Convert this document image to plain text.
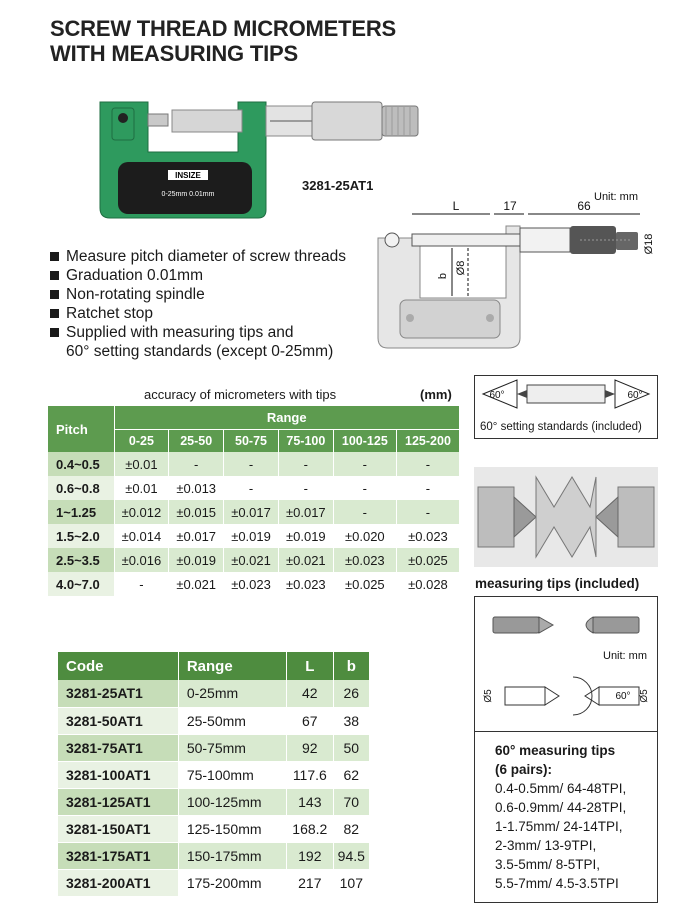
SCREW THREAD MICROMETERS
WITH MEASURING TIPS
INSIZE
0-25mm 0.01mm
3281-25AT1
Unit: mm
L	17	66
Ø18
b
Ø8
Measure pitch diameter of screw threads
Graduation 0.01mm
Non-rotating spindle
Ratchet stop
Supplied with measuring tips and
60° setting standards (except 0-25mm)
accuracy of micrometers with tips	(mm)
Pitch	Range					
	0-25	25-50	50-75	75-100	100-125	125-200
0.4~0.5	±0.01	-	-	-	-	-
0.6~0.8	±0.01	±0.013	-	-	-	-
1~1.25	±0.012	±0.015	±0.017	±0.017	-	-
1.5~2.0	±0.014	±0.017	±0.019	±0.019	±0.020	±0.023
2.5~3.5	±0.016	±0.019	±0.021	±0.021	±0.023	±0.025
4.0~7.0	-	±0.021	±0.023	±0.023	±0.025	±0.028
60°	60°
60° setting standards (included)
measuring tips (included)
Unit: mm
Ø5	Ø5
60°
60° measuring tips
(6 pairs):
0.4-0.5mm/ 64-48TPI,
0.6-0.9mm/ 44-28TPI,
1-1.75mm/ 24-14TPI,
2-3mm/ 13-9TPI,
3.5-5mm/ 8-5TPI,
5.5-7mm/ 4.5-3.5TPI
Code	Range	L	b
3281-25AT1	0-25mm	42	26
3281-50AT1	25-50mm	67	38
3281-75AT1	50-75mm	92	50
3281-100AT1	75-100mm	117.6	62
3281-125AT1	100-125mm	143	70
3281-150AT1	125-150mm	168.2	82
3281-175AT1	150-175mm	192	94.5
3281-200AT1	175-200mm	217	107
